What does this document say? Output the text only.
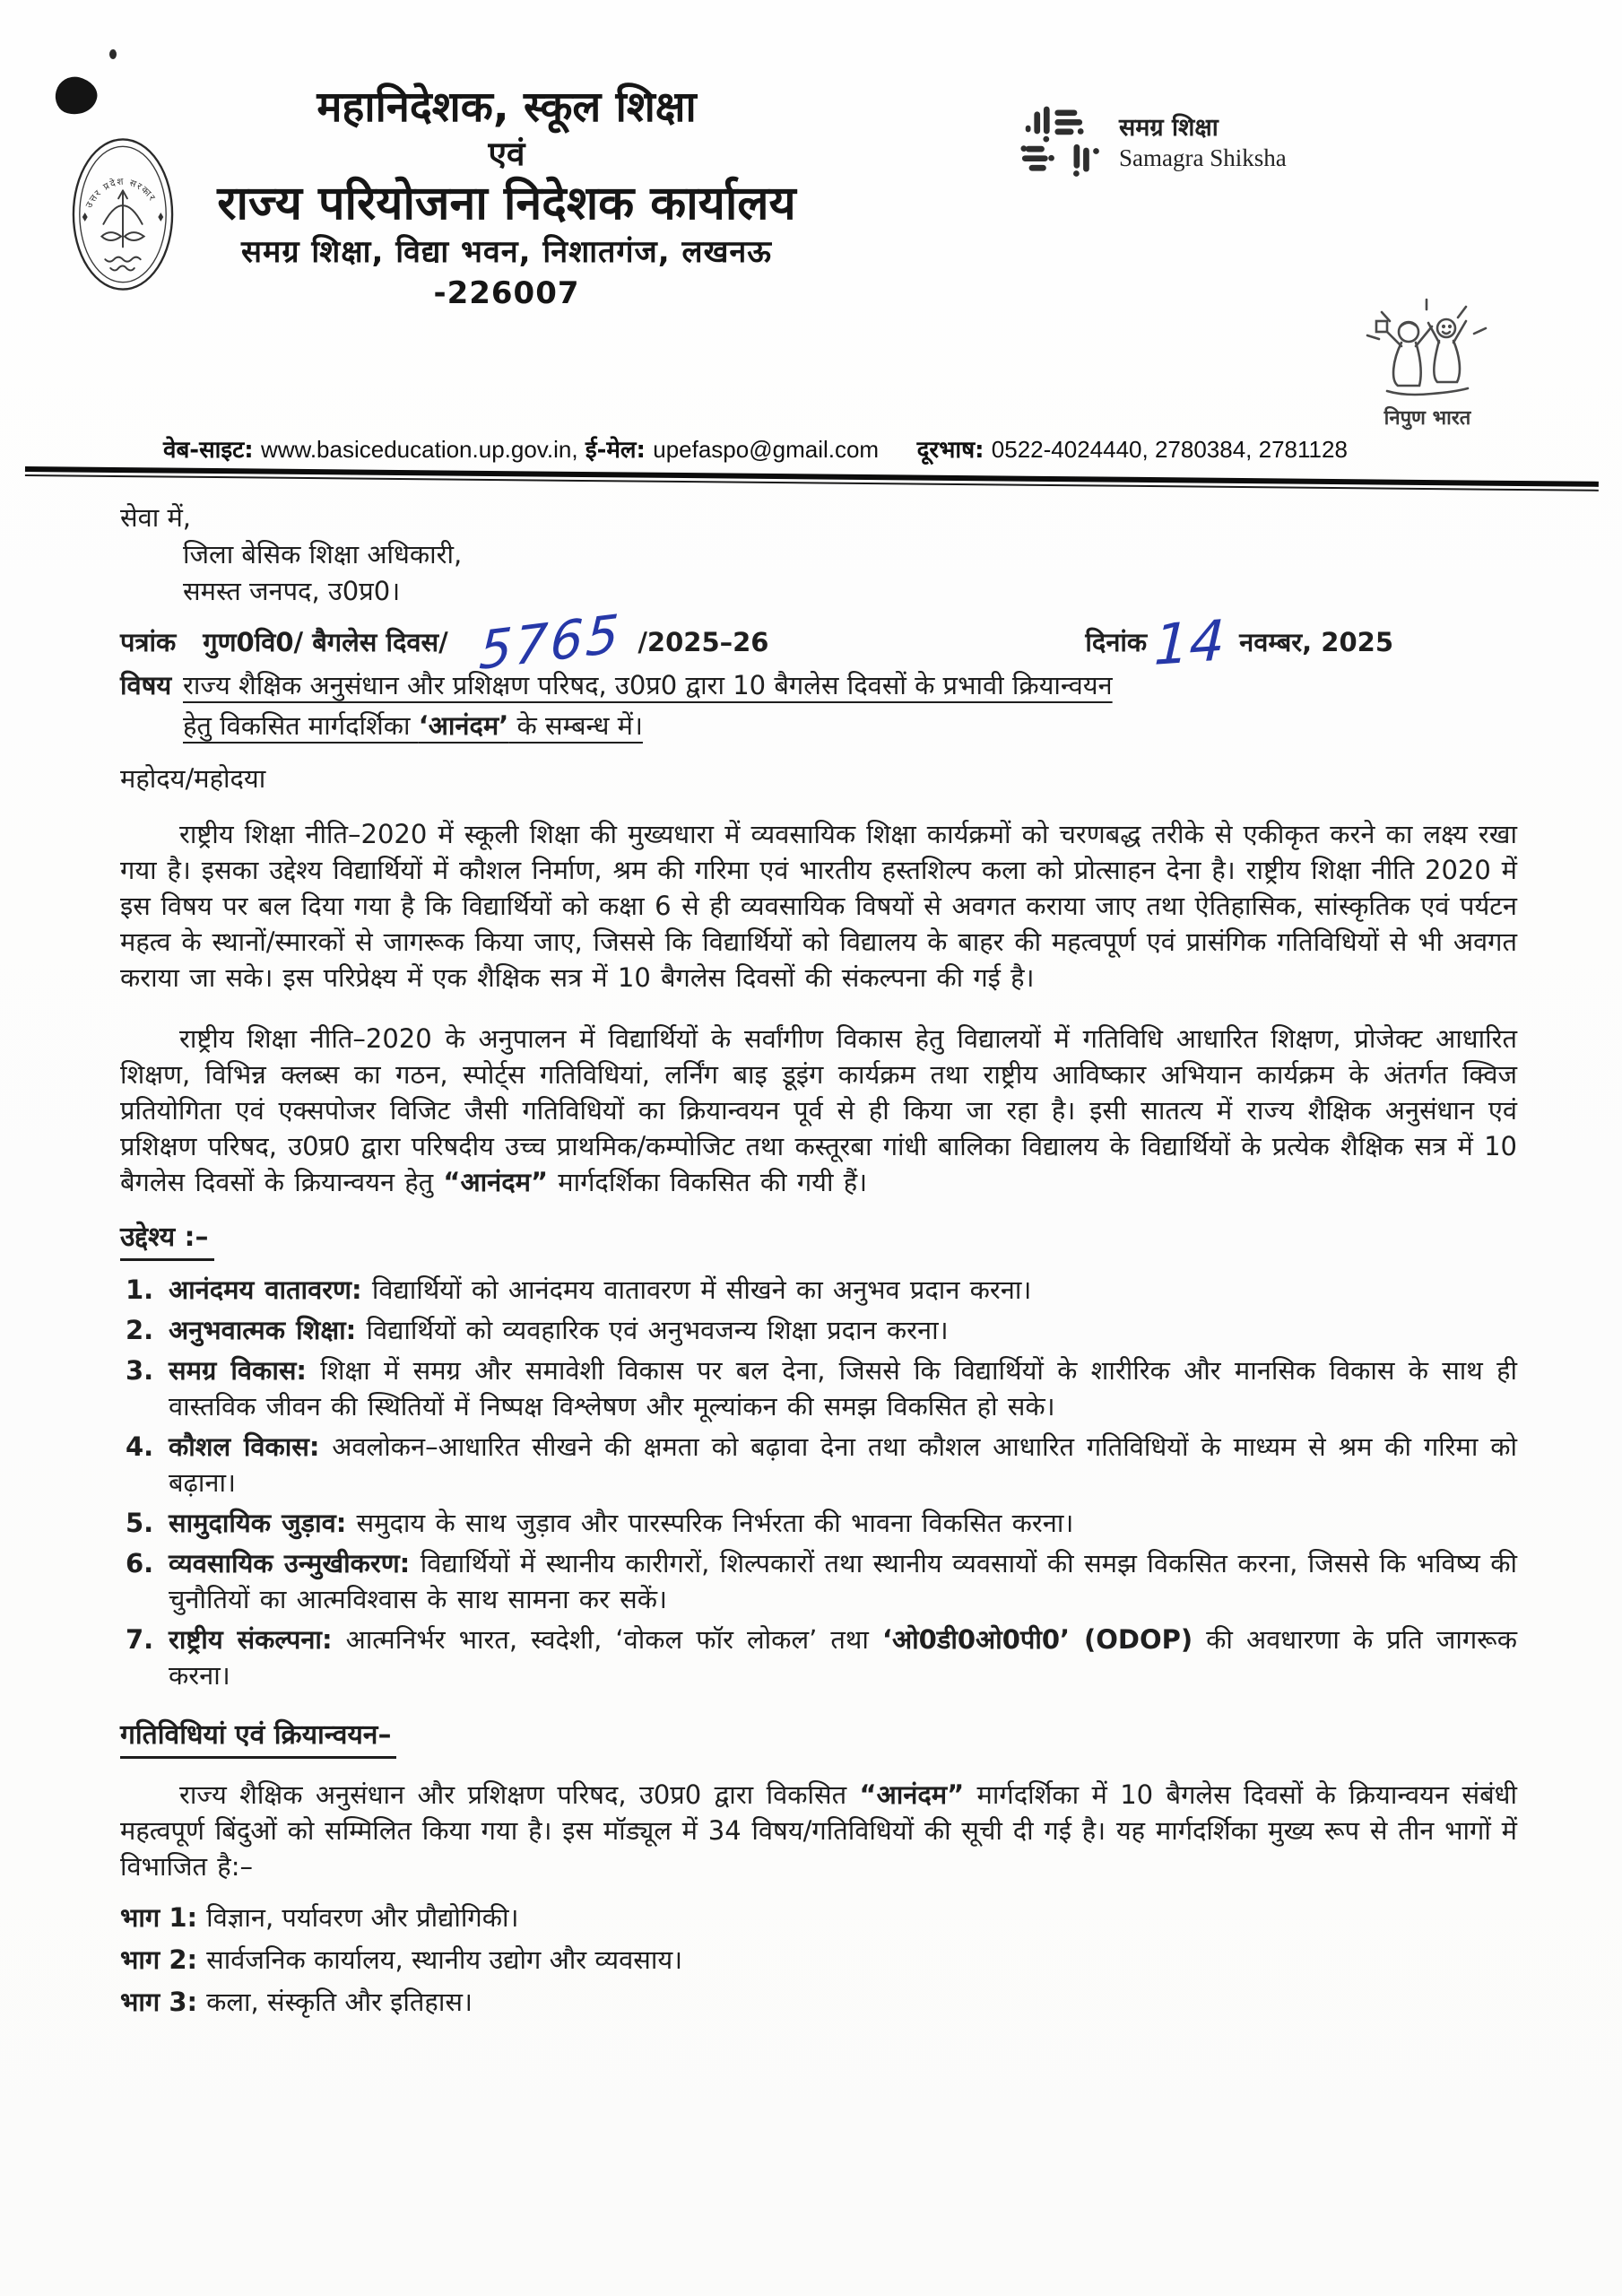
उत्तर प्रदेश सरकार
महानिदेशक, स्कूल शिक्षा
एवं
राज्य परियोजना निदेशक कार्यालय
समग्र शिक्षा, विद्या भवन, निशातगंज, लखनऊ -226007
समग्र शिक्षा
Samagra Shiksha
निपुण भारत
वेब-साइट: www.basiceducation.up.gov.in, ई-मेल: upefaspo@gmail.com दूरभाष: 0522-4024440, 2780384, 2781128
सेवा में,
जिला बेसिक शिक्षा अधिकारी,
समस्त जनपद, उ0प्र0।
पत्रांक गुण0वि0/ बैगलेस दिवस/ 5765 /2025–26	दिनांक 14 नवम्बर, 2025
विषय राज्य शैक्षिक अनुसंधान और प्रशिक्षण परिषद, उ0प्र0 द्वारा 10 बैगलेस दिवसों के प्रभावी क्रियान्वयन
हेतु विकसित मार्गदर्शिका ‘आनंदम’ के सम्बन्ध में।
महोदय/महोदया
राष्ट्रीय शिक्षा नीति–2020 में स्कूली शिक्षा की मुख्यधारा में व्यवसायिक शिक्षा कार्यक्रमों को चरणबद्ध तरीके से एकीकृत करने का लक्ष्य रखा गया है। इसका उद्देश्य विद्यार्थियों में कौशल निर्माण, श्रम की गरिमा एवं भारतीय हस्तशिल्प कला को प्रोत्साहन देना है। राष्ट्रीय शिक्षा नीति 2020 में इस विषय पर बल दिया गया है कि विद्यार्थियों को कक्षा 6 से ही व्यवसायिक विषयों से अवगत कराया जाए तथा ऐतिहासिक, सांस्कृतिक एवं पर्यटन महत्व के स्थानों/स्मारकों से जागरूक किया जाए, जिससे कि विद्यार्थियों को विद्यालय के बाहर की महत्वपूर्ण एवं प्रासंगिक गतिविधियों से भी अवगत कराया जा सके। इस परिप्रेक्ष्य में एक शैक्षिक सत्र में 10 बैगलेस दिवसों की संकल्पना की गई है।
राष्ट्रीय शिक्षा नीति–2020 के अनुपालन में विद्यार्थियों के सर्वांगीण विकास हेतु विद्यालयों में गतिविधि आधारित शिक्षण, प्रोजेक्ट आधारित शिक्षण, विभिन्न क्लब्स का गठन, स्पोर्ट्स गतिविधियां, लर्निंग बाइ डूइंग कार्यक्रम तथा राष्ट्रीय आविष्कार अभियान कार्यक्रम के अंतर्गत क्विज प्रतियोगिता एवं एक्सपोजर विजिट जैसी गतिविधियों का क्रियान्वयन पूर्व से ही किया जा रहा है। इसी सातत्य में राज्य शैक्षिक अनुसंधान एवं प्रशिक्षण परिषद, उ0प्र0 द्वारा परिषदीय उच्च प्राथमिक/कम्पोजिट तथा कस्तूरबा गांधी बालिका विद्यालय के विद्यार्थियों के प्रत्येक शैक्षिक सत्र में 10 बैगलेस दिवसों के क्रियान्वयन हेतु “आनंदम” मार्गदर्शिका विकसित की गयी हैं।
उद्देश्य :–
1. आनंदमय वातावरण: विद्यार्थियों को आनंदमय वातावरण में सीखने का अनुभव प्रदान करना।
2. अनुभवात्मक शिक्षा: विद्यार्थियों को व्यवहारिक एवं अनुभवजन्य शिक्षा प्रदान करना।
3. समग्र विकास: शिक्षा में समग्र और समावेशी विकास पर बल देना, जिससे कि विद्यार्थियों के शारीरिक और मानसिक विकास के साथ ही वास्तविक जीवन की स्थितियों में निष्पक्ष विश्लेषण और मूल्यांकन की समझ विकसित हो सके।
4. कौशल विकास: अवलोकन–आधारित सीखने की क्षमता को बढ़ावा देना तथा कौशल आधारित गतिविधियों के माध्यम से श्रम की गरिमा को बढ़ाना।
5. सामुदायिक जुड़ाव: समुदाय के साथ जुड़ाव और पारस्परिक निर्भरता की भावना विकसित करना।
6. व्यवसायिक उन्मुखीकरण: विद्यार्थियों में स्थानीय कारीगरों, शिल्पकारों तथा स्थानीय व्यवसायों की समझ विकसित करना, जिससे कि भविष्य की चुनौतियों का आत्मविश्वास के साथ सामना कर सकें।
7. राष्ट्रीय संकल्पना: आत्मनिर्भर भारत, स्वदेशी, ‘वोकल फॉर लोकल’ तथा ‘ओ0डी0ओ0पी0’ (ODOP) की अवधारणा के प्रति जागरूक करना।
गतिविधियां एवं क्रियान्वयन–
राज्य शैक्षिक अनुसंधान और प्रशिक्षण परिषद, उ0प्र0 द्वारा विकसित “आनंदम” मार्गदर्शिका में 10 बैगलेस दिवसों के क्रियान्वयन संबंधी महत्वपूर्ण बिंदुओं को सम्मिलित किया गया है। इस मॉड्यूल में 34 विषय/गतिविधियों की सूची दी गई है। यह मार्गदर्शिका मुख्य रूप से तीन भागों में विभाजित है:–
भाग 1: विज्ञान, पर्यावरण और प्रौद्योगिकी।
भाग 2: सार्वजनिक कार्यालय, स्थानीय उद्योग और व्यवसाय।
भाग 3: कला, संस्कृति और इतिहास।
